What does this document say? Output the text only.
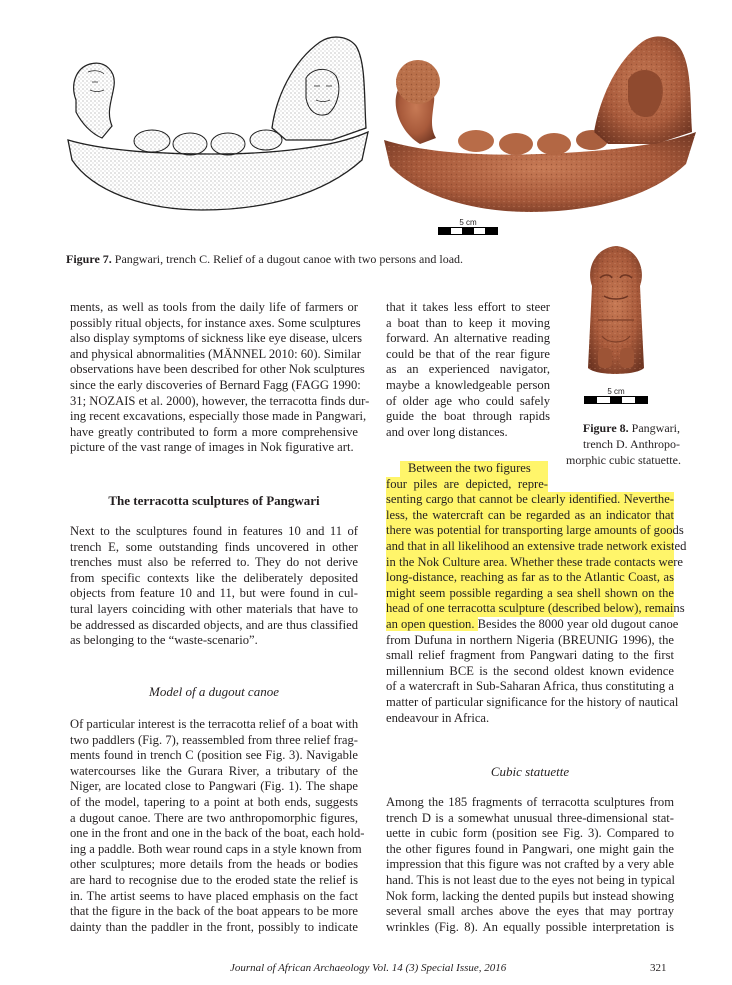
5 cm
Figure 7. Pangwari, trench C. Relief of a dugout canoe with two persons and load.
5 cm
Figure 8. Pangwari,
trench D. Anthropo-
morphic cubic statuette.
ments, as well as tools from the daily life of farmers or
possibly ritual objects, for instance axes. Some sculptures
also display symptoms of sickness like eye disease, ulcers
and physical abnormalities (MÄNNEL 2010: 60). Similar
observations have been described for other Nok sculptures
since the early discoveries of Bernard Fagg (FAGG 1990:
31; NOZAIS et al. 2000), however, the terracotta finds dur-
ing recent excavations, especially those made in Pangwari,
have greatly contributed to form a more comprehensive
picture of the vast range of images in Nok figurative art.
The terracotta sculptures of Pangwari
Next to the sculptures found in features 10 and 11 of
trench E, some outstanding finds uncovered in other
trenches must also be referred to. They do not derive
from specific contexts like the deliberately deposited
objects from feature 10 and 11, but were found in cul-
tural layers coinciding with other materials that have to
be addressed as discarded objects, and are thus classified
as belonging to the “waste-scenario”.
Model of a dugout canoe
Of particular interest is the terracotta relief of a boat with
two paddlers (Fig. 7), reassembled from three relief frag-
ments found in trench C (position see Fig. 3). Navigable
watercourses like the Gurara River, a tributary of the
Niger, are located close to Pangwari (Fig. 1). The shape
of the model, tapering to a point at both ends, suggests
a dugout canoe. There are two anthropomorphic figures,
one in the front and one in the back of the boat, each hold-
ing a paddle. Both wear round caps in a style known from
other sculptures; more details from the heads or bodies
are hard to recognise due to the eroded state the relief is
in. The artist seems to have placed emphasis on the fact
that the figure in the back of the boat appears to be more
dainty than the paddler in the front, possibly to indicate
that it takes less effort to steer
a boat than to keep it moving
forward. An alternative reading
could be that of the rear figure
as an experienced navigator,
maybe a knowledgeable person
of older age who could safely
guide the boat through rapids
and over long distances.
Between the two figures
four piles are depicted, repre-
senting cargo that cannot be clearly identified. Neverthe-
less, the watercraft can be regarded as an indicator that
there was potential for transporting large amounts of goods
and that in all likelihood an extensive trade network existed
in the Nok Culture area. Whether these trade contacts were
long-distance, reaching as far as to the Atlantic Coast, as
might seem possible regarding a sea shell shown on the
head of one terracotta sculpture (described below), remains
an open question. Besides the 8000 year old dugout canoe
from Dufuna in northern Nigeria (BREUNIG 1996), the
small relief fragment from Pangwari dating to the first
millennium BCE is the second oldest known evidence
of a watercraft in Sub-Saharan Africa, thus constituting a
matter of particular significance for the history of nautical
endeavour in Africa.
Cubic statuette
Among the 185 fragments of terracotta sculptures from
trench D is a somewhat unusual three-dimensional stat-
uette in cubic form (position see Fig. 3). Compared to
the other figures found in Pangwari, one might gain the
impression that this figure was not crafted by a very able
hand. This is not least due to the eyes not being in typical
Nok form, lacking the dented pupils but instead showing
several small arches above the eyes that may portray
wrinkles (Fig. 8). An equally possible interpretation is
Journal of African Archaeology Vol. 14 (3) Special Issue, 2016	321
